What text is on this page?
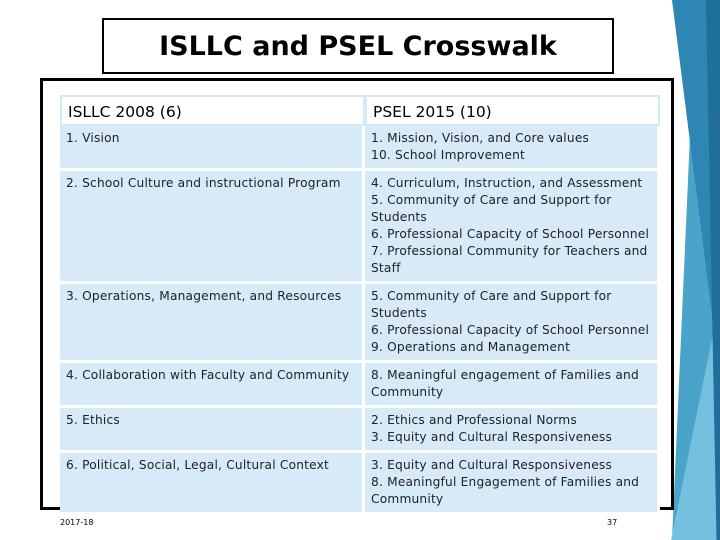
ISLLC and PSEL Crosswalk
ISLLC 2008 (6)	PSEL 2015 (10)
1. Vision	1. Mission, Vision, and Core values
10. School Improvement

2. School Culture and instructional Program	4. Curriculum, Instruction, and Assessment
5. Community of Care and Support for Students
6. Professional Capacity of School Personnel
7. Professional Community for Teachers and Staff

3. Operations, Management, and Resources	5. Community of Care and Support for Students
6. Professional Capacity of School Personnel
9. Operations and Management

4. Collaboration with Faculty and Community	8. Meaningful engagement of Families and Community

5. Ethics	2. Ethics and Professional Norms
3. Equity and Cultural Responsiveness

6. Political, Social, Legal, Cultural Context	3. Equity and Cultural Responsiveness
8. Meaningful Engagement of Families and Community
2017-18	37
